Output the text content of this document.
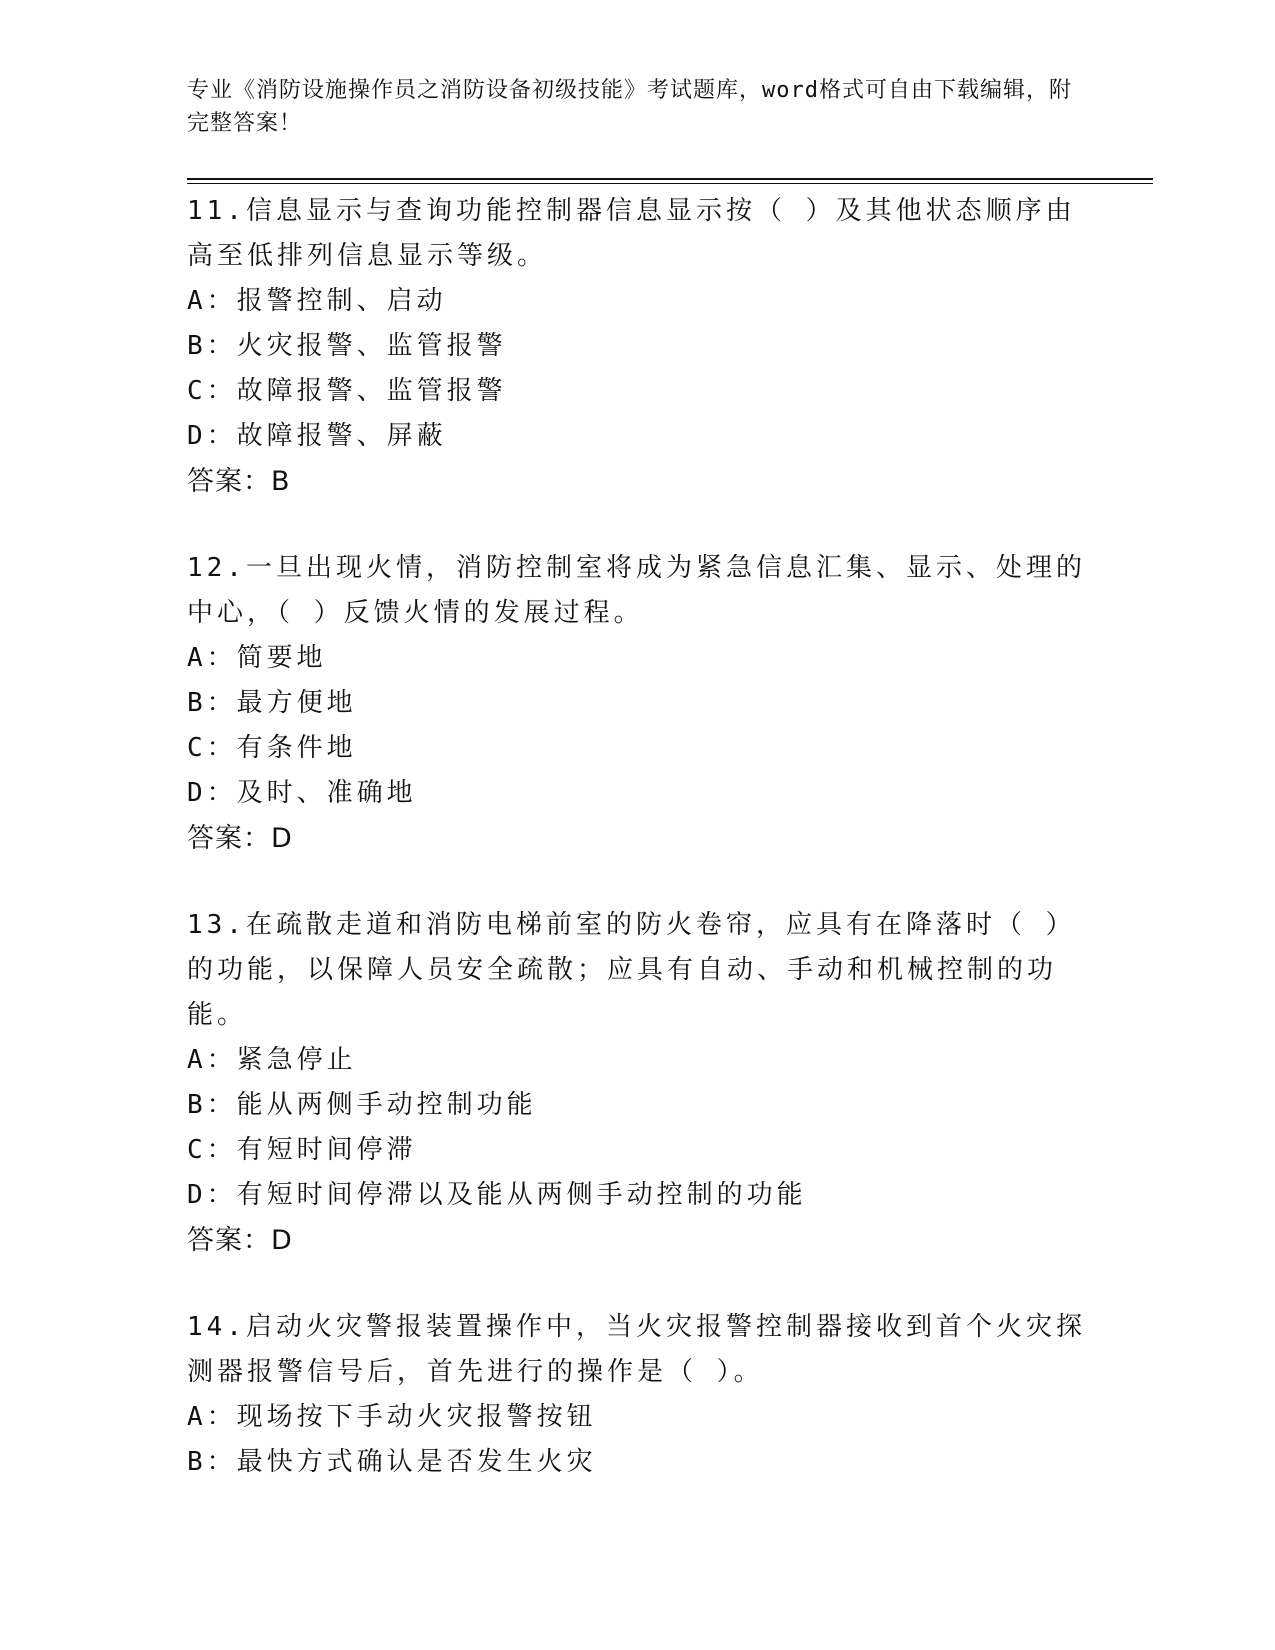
专业《消防设施操作员之消防设备初级技能》考试题库，word格式可自由下载编辑，附完整答案！
11.信息显示与查询功能控制器信息显示按（ ）及其他状态顺序由高至低排列信息显示等级。
A：报警控制、启动
B：火灾报警、监管报警
C：故障报警、监管报警
D：故障报警、屏蔽
答案：B
12.一旦出现火情，消防控制室将成为紧急信息汇集、显示、处理的中心，（ ）反馈火情的发展过程。
A：简要地
B：最方便地
C：有条件地
D：及时、准确地
答案：D
13.在疏散走道和消防电梯前室的防火卷帘，应具有在降落时（ ）的功能，以保障人员安全疏散；应具有自动、手动和机械控制的功能。
A：紧急停止
B：能从两侧手动控制功能
C：有短时间停滞
D：有短时间停滞以及能从两侧手动控制的功能
答案：D
14.启动火灾警报装置操作中，当火灾报警控制器接收到首个火灾探测器报警信号后，首先进行的操作是（ ）。
A：现场按下手动火灾报警按钮
B：最快方式确认是否发生火灾
